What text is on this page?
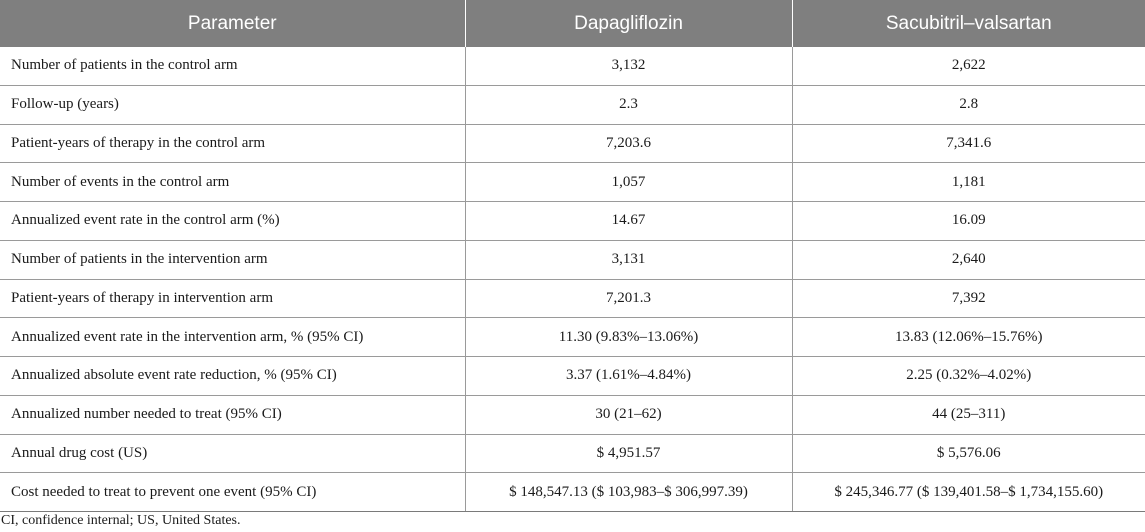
Parameter	Dapagliflozin	Sacubitril–valsartan
Number of patients in the control arm	3,132	2,622
Follow-up (years)	2.3	2.8
Patient-years of therapy in the control arm	7,203.6	7,341.6
Number of events in the control arm	1,057	1,181
Annualized event rate in the control arm (%)	14.67	16.09
Number of patients in the intervention arm	3,131	2,640
Patient-years of therapy in intervention arm	7,201.3	7,392
Annualized event rate in the intervention arm, % (95% CI)	11.30 (9.83%–13.06%)	13.83 (12.06%–15.76%)
Annualized absolute event rate reduction, % (95% CI)	3.37 (1.61%–4.84%)	2.25 (0.32%–4.02%)
Annualized number needed to treat (95% CI)	30 (21–62)	44 (25–311)
Annual drug cost (US)	$ 4,951.57	$ 5,576.06
Cost needed to treat to prevent one event (95% CI)	$ 148,547.13 ($ 103,983–$ 306,997.39)	$ 245,346.77 ($ 139,401.58–$ 1,734,155.60)
CI, confidence internal; US, United States.
